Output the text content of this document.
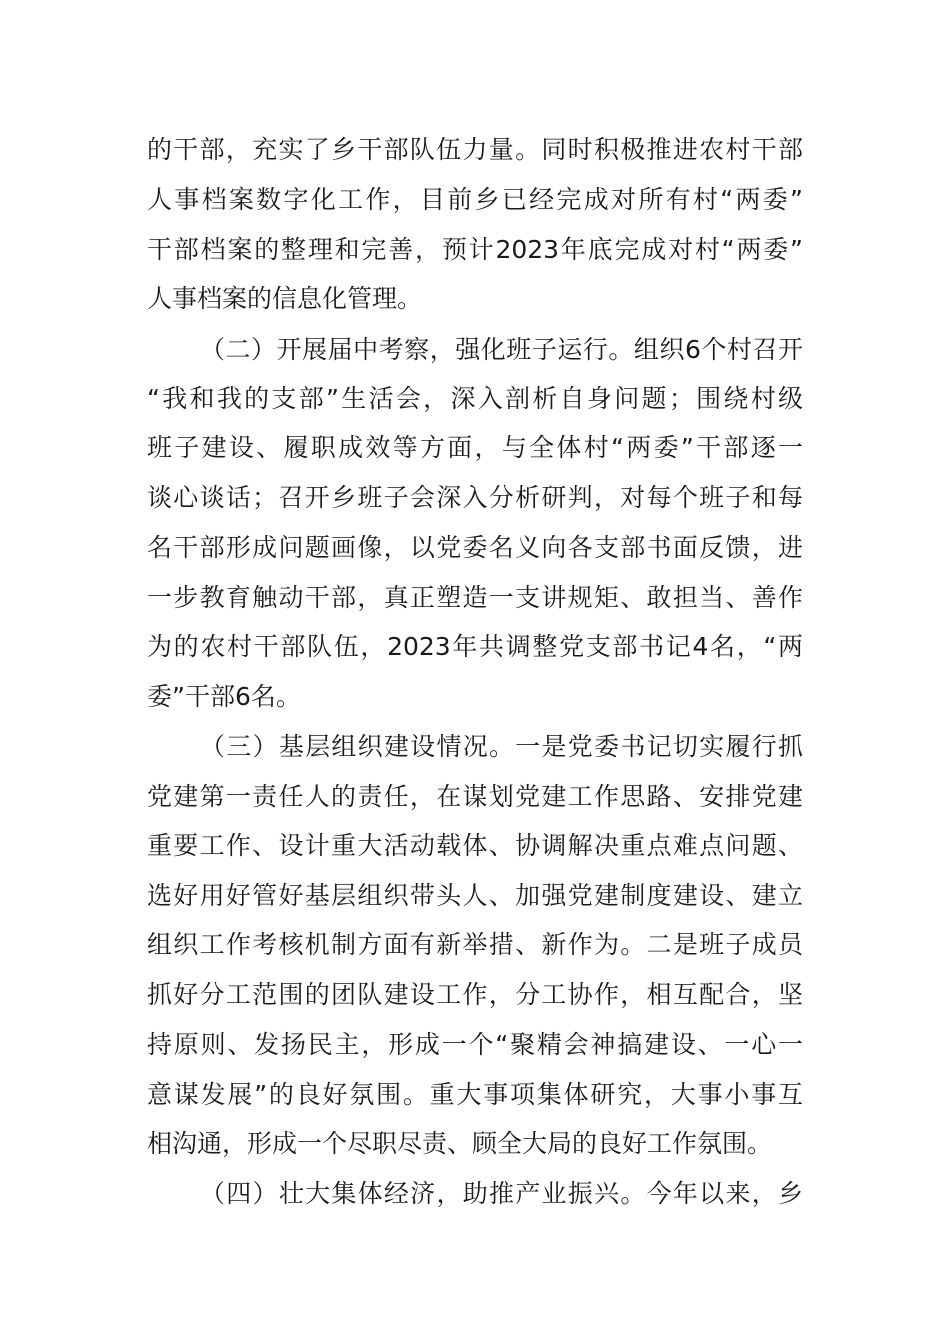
的干部，充实了乡干部队伍力量。同时积极推进农村干部
人事档案数字化工作，目前乡已经完成对所有村“两委”
干部档案的整理和完善，预计2023年底完成对村“两委”
人事档案的信息化管理。
（二）开展届中考察，强化班子运行。组织6个村召开
“我和我的支部”生活会，深入剖析自身问题；围绕村级
班子建设、履职成效等方面，与全体村“两委”干部逐一
谈心谈话；召开乡班子会深入分析研判，对每个班子和每
名干部形成问题画像，以党委名义向各支部书面反馈，进
一步教育触动干部，真正塑造一支讲规矩、敢担当、善作
为的农村干部队伍，2023年共调整党支部书记4名，“两
委”干部6名。
（三）基层组织建设情况。一是党委书记切实履行抓
党建第一责任人的责任，在谋划党建工作思路、安排党建
重要工作、设计重大活动载体、协调解决重点难点问题、
选好用好管好基层组织带头人、加强党建制度建设、建立
组织工作考核机制方面有新举措、新作为。二是班子成员
抓好分工范围的团队建设工作，分工协作，相互配合，坚
持原则、发扬民主，形成一个“聚精会神搞建设、一心一
意谋发展”的良好氛围。重大事项集体研究，大事小事互
相沟通，形成一个尽职尽责、顾全大局的良好工作氛围。
（四）壮大集体经济，助推产业振兴。今年以来，乡
